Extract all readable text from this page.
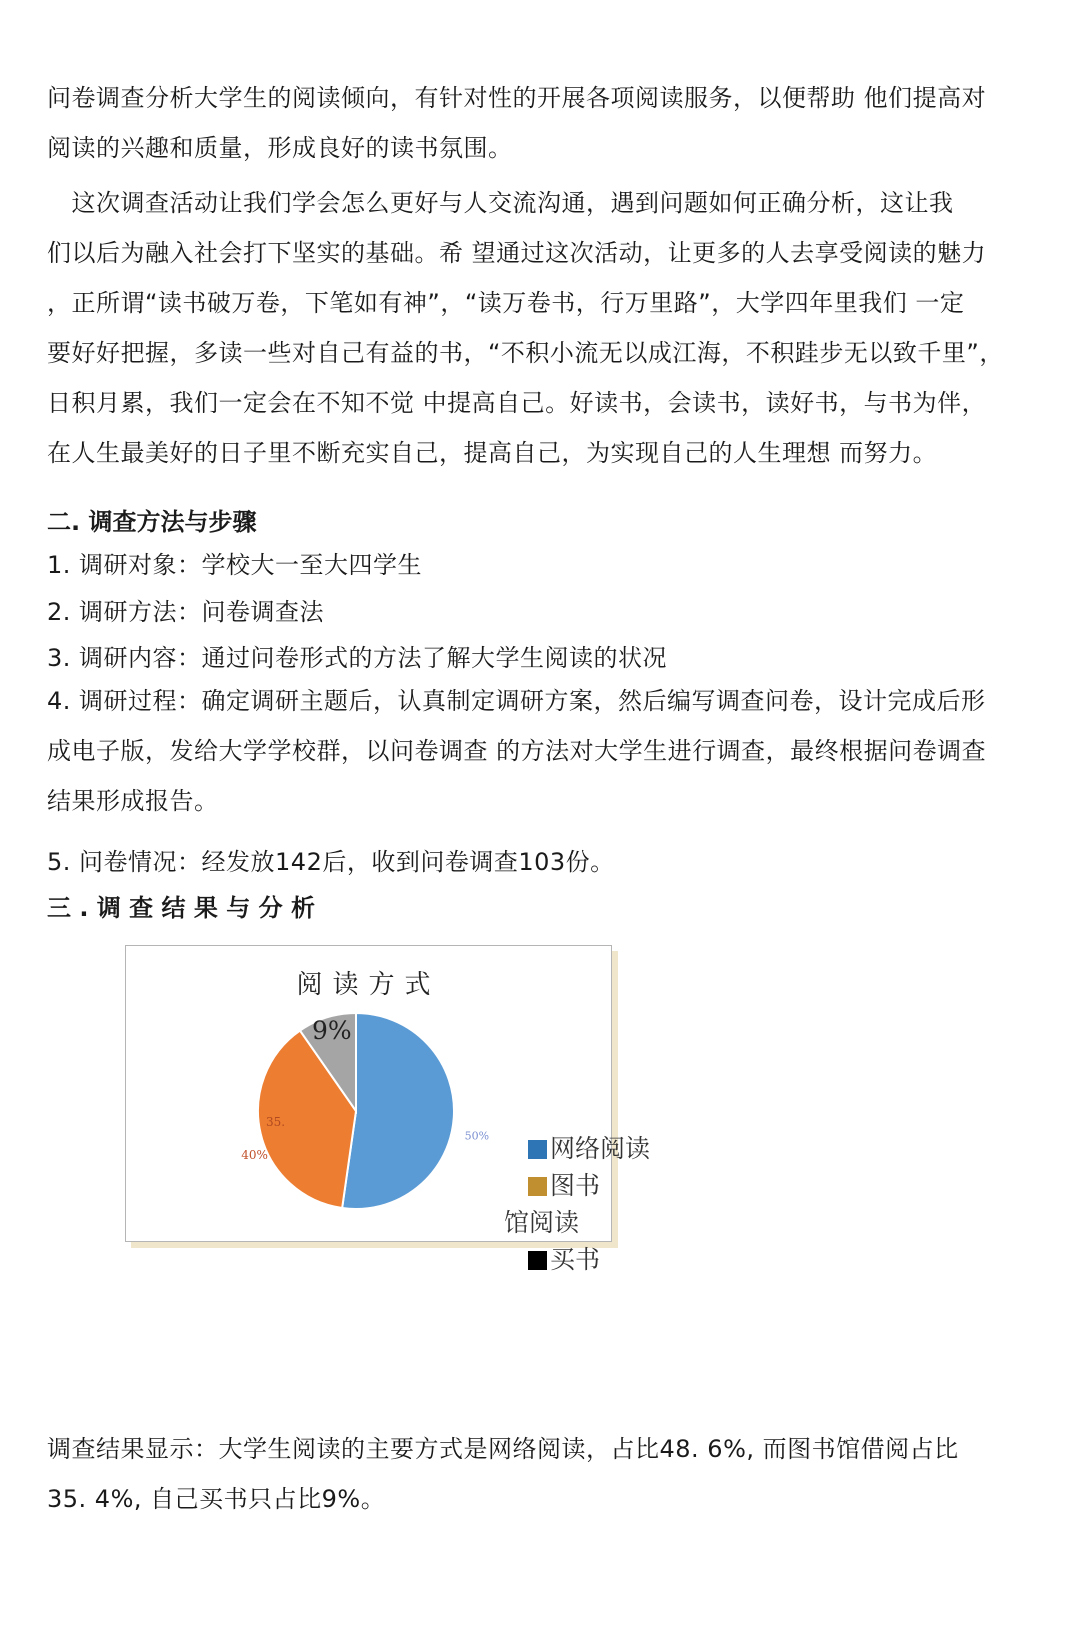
问卷调查分析大学生的阅读倾向，有针对性的开展各项阅读服务，以便帮助 他们提高对
阅读的兴趣和质量，形成良好的读书氛围。

　这次调查活动让我们学会怎么更好与人交流沟通，遇到问题如何正确分析，这让我
们以后为融入社会打下坚实的基础。希 望通过这次活动，让更多的人去享受阅读的魅力
，正所谓“读书破万卷，下笔如有神”，“读万卷书，行万里路”，大学四年里我们 一定
要好好把握，多读一些对自己有益的书，“不积小流无以成江海，不积跬步无以致千里”，
日积月累，我们一定会在不知不觉 中提高自己。好读书，会读书，读好书，与书为伴，
在人生最美好的日子里不断充实自己，提高自己，为实现自己的人生理想 而努力。

二. 调查方法与步骤

1. 调研对象：学校大一至大四学生

2. 调研方法：问卷调查法

3. 调研内容：通过问卷形式的方法了解大学生阅读的状况

4. 调研过程：确定调研主题后，认真制定调研方案，然后编写调查问卷，设计完成后形
成电子版，发给大学学校群，以问卷调查 的方法对大学生进行调查，最终根据问卷调查
结果形成报告。

5. 问卷情况：经发放142后，收到问卷调查103份。

三 . 调 查 结 果 与 分 析
阅读方式
50%
40%
9%
35.
网络阅读
图书
馆阅读
买书

调查结果显示：大学生阅读的主要方式是网络阅读，占比48. 6%, 而图书馆借阅占比
35. 4%, 自己买书只占比9%。
